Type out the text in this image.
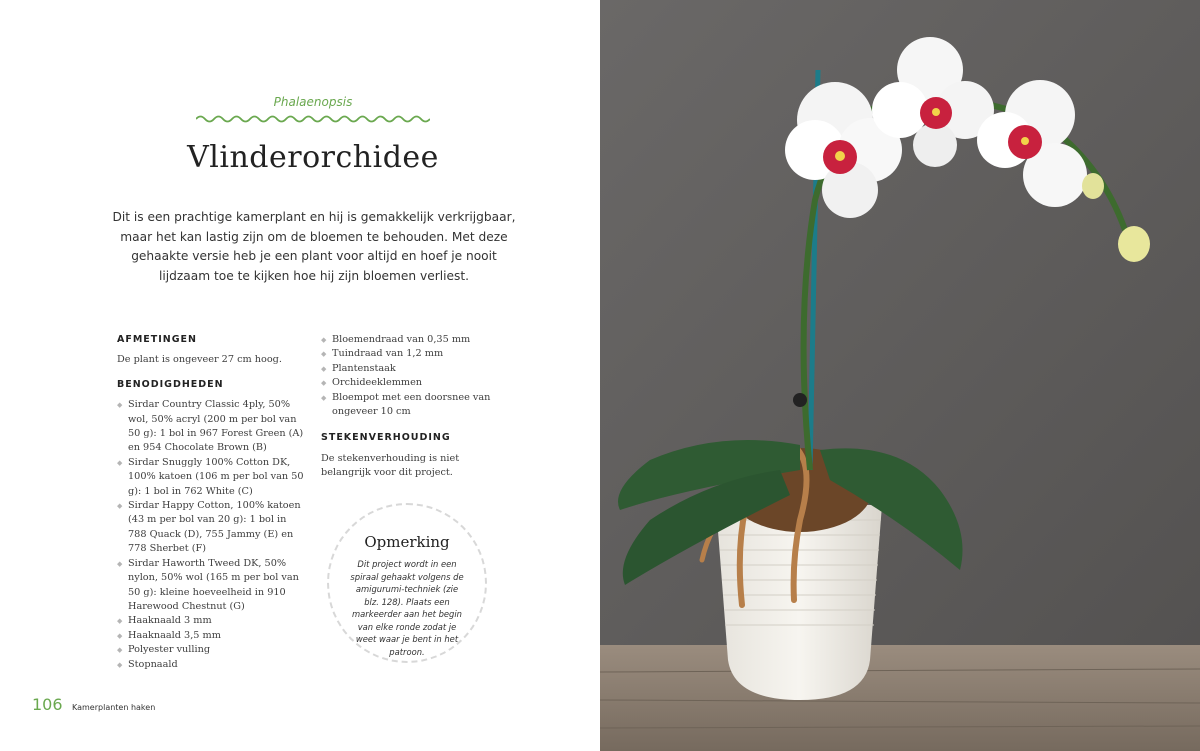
Phalaenopsis
Vlinderorchidee
Dit is een prachtige kamerplant en hij is gemakkelijk verkrijgbaar, maar het kan lastig zijn om de bloemen te behouden. Met deze gehaakte versie heb je een plant voor altijd en hoef je nooit lijdzaam toe te kijken hoe hij zijn bloemen verliest.
AFMETINGEN
De plant is ongeveer 27 cm hoog.
BENODIGDHEDEN
◆ Sirdar Country Classic 4ply, 50% wol, 50% acryl (200 m per bol van 50 g): 1 bol in 967 Forest Green (A) en 954 Chocolate Brown (B)
◆ Sirdar Snuggly 100% Cotton DK, 100% katoen (106 m per bol van 50 g): 1 bol in 762 White (C)
◆ Sirdar Happy Cotton, 100% katoen (43 m per bol van 20 g): 1 bol in 788 Quack (D), 755 Jammy (E) en 778 Sherbet (F)
◆ Sirdar Haworth Tweed DK, 50% nylon, 50% wol (165 m per bol van 50 g): kleine hoeveelheid in 910 Harewood Chestnut (G)
◆ Haaknaald 3 mm
◆ Haaknaald 3,5 mm
◆ Polyester vulling
◆ Stopnaald
◆ Bloemendraad van 0,35 mm
◆ Tuindraad van 1,2 mm
◆ Plantenstaak
◆ Orchideeklemmen
◆ Bloempot met een doorsnee van ongeveer 10 cm
STEKENVERHOUDING
De stekenverhouding is niet belangrijk voor dit project.
Opmerking
Dit project wordt in een spiraal gehaakt volgens de amigurumi-techniek (zie blz. 128). Plaats een markeerder aan het begin van elke ronde zodat je weet waar je bent in het patroon.
106 Kamerplanten haken
